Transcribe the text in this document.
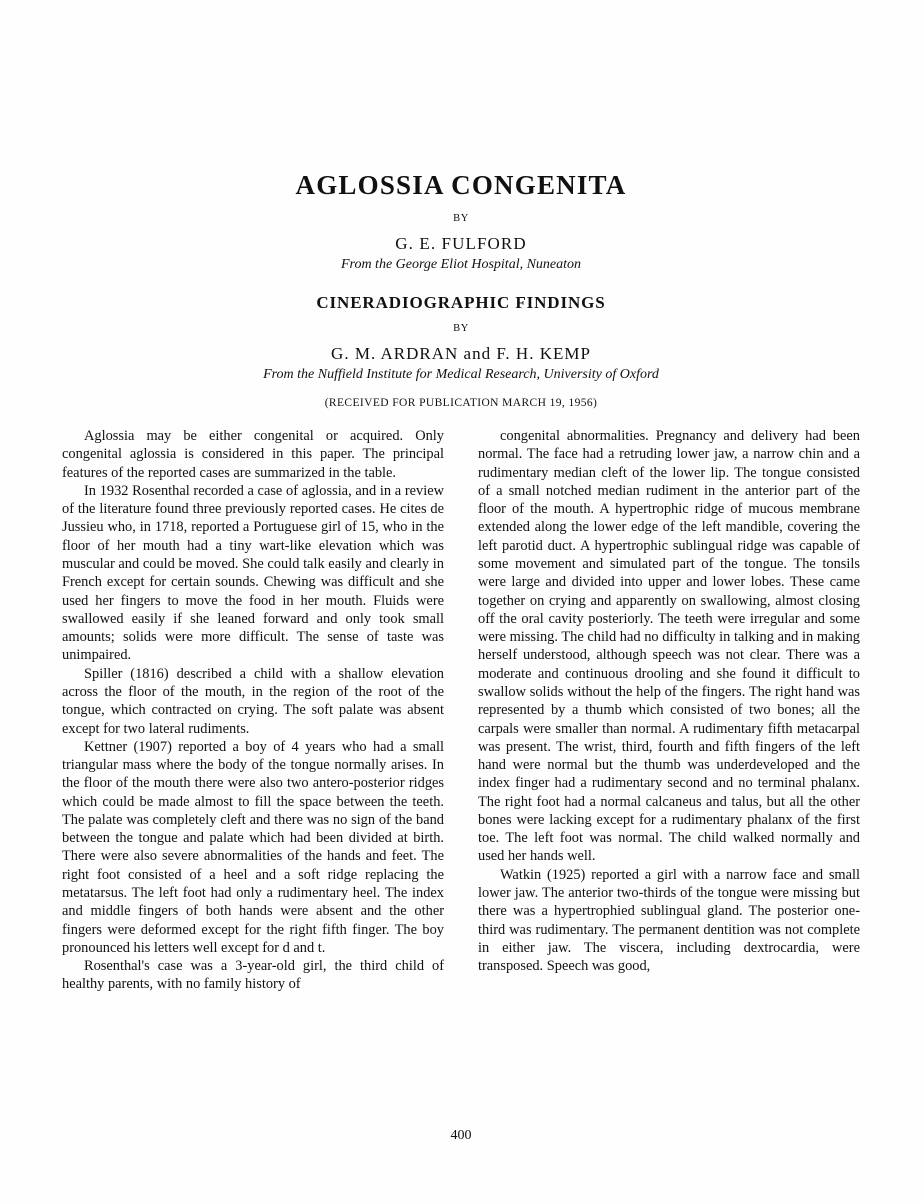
AGLOSSIA CONGENITA
BY
G. E. FULFORD
From the George Eliot Hospital, Nuneaton
CINERADIOGRAPHIC FINDINGS
BY
G. M. ARDRAN and F. H. KEMP
From the Nuffield Institute for Medical Research, University of Oxford
(RECEIVED FOR PUBLICATION MARCH 19, 1956)

Aglossia may be either congenital or acquired. Only congenital aglossia is considered in this paper. The principal features of the reported cases are summarized in the table.

In 1932 Rosenthal recorded a case of aglossia, and in a review of the literature found three previously reported cases. He cites de Jussieu who, in 1718, reported a Portuguese girl of 15, who in the floor of her mouth had a tiny wart-like elevation which was muscular and could be moved. She could talk easily and clearly in French except for certain sounds. Chewing was difficult and she used her fingers to move the food in her mouth. Fluids were swallowed easily if she leaned forward and only took small amounts; solids were more difficult. The sense of taste was unimpaired.

Spiller (1816) described a child with a shallow elevation across the floor of the mouth, in the region of the root of the tongue, which contracted on crying. The soft palate was absent except for two lateral rudiments.

Kettner (1907) reported a boy of 4 years who had a small triangular mass where the body of the tongue normally arises. In the floor of the mouth there were also two antero-posterior ridges which could be made almost to fill the space between the teeth. The palate was completely cleft and there was no sign of the band between the tongue and palate which had been divided at birth. There were also severe abnormalities of the hands and feet. The right foot consisted of a heel and a soft ridge replacing the metatarsus. The left foot had only a rudimentary heel. The index and middle fingers of both hands were absent and the other fingers were deformed except for the right fifth finger. The boy pronounced his letters well except for d and t.

Rosenthal's case was a 3-year-old girl, the third child of healthy parents, with no family history of

congenital abnormalities. Pregnancy and delivery had been normal. The face had a retruding lower jaw, a narrow chin and a rudimentary median cleft of the lower lip. The tongue consisted of a small notched median rudiment in the anterior part of the floor of the mouth. A hypertrophic ridge of mucous membrane extended along the lower edge of the left mandible, covering the left parotid duct. A hypertrophic sublingual ridge was capable of some movement and simulated part of the tongue. The tonsils were large and divided into upper and lower lobes. These came together on crying and apparently on swallowing, almost closing off the oral cavity posteriorly. The teeth were irregular and some were missing. The child had no difficulty in talking and in making herself understood, although speech was not clear. There was a moderate and continuous drooling and she found it difficult to swallow solids without the help of the fingers. The right hand was represented by a thumb which consisted of two bones; all the carpals were smaller than normal. A rudimentary fifth metacarpal was present. The wrist, third, fourth and fifth fingers of the left hand were normal but the thumb was underdeveloped and the index finger had a rudimentary second and no terminal phalanx. The right foot had a normal calcaneus and talus, but all the other bones were lacking except for a rudimentary phalanx of the first toe. The left foot was normal. The child walked normally and used her hands well.

Watkin (1925) reported a girl with a narrow face and small lower jaw. The anterior two-thirds of the tongue were missing but there was a hypertrophied sublingual gland. The posterior one-third was rudimentary. The permanent dentition was not complete in either jaw. The viscera, including dextrocardia, were transposed. Speech was good,

400
